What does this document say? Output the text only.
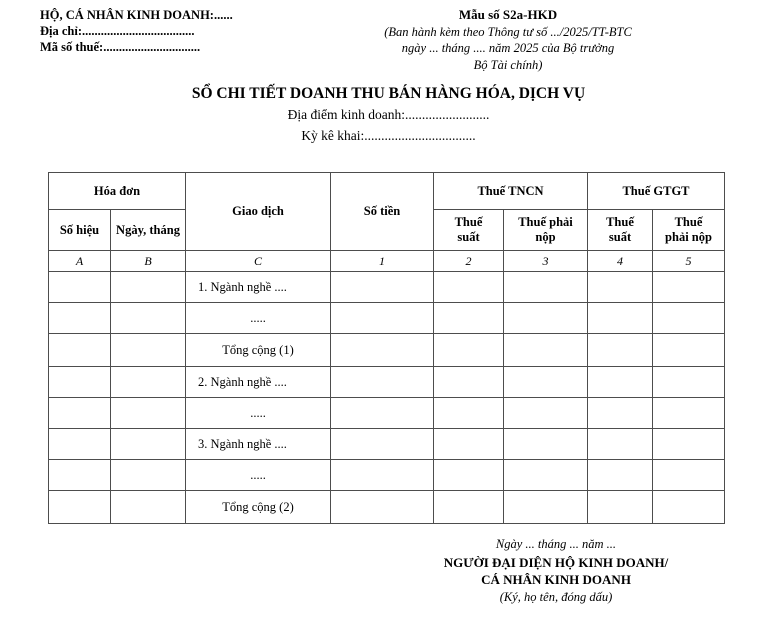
HỘ, CÁ NHÂN KINH DOANH:......
Địa chỉ:....................................
Mã số thuế:...............................
Mẫu số S2a-HKD
(Ban hành kèm theo Thông tư số .../2025/TT-BTC
ngày ... tháng .... năm 2025 của Bộ trưởng
Bộ Tài chính)
SỔ CHI TIẾT DOANH THU BÁN HÀNG HÓA, DỊCH VỤ
Địa điểm kinh doanh:.........................
Kỳ kê khai:.................................
Hóa đơn		Giao dịch	Số tiền	Thuế TNCN		Thuế GTGT	
Số hiệu	Ngày, tháng			Thuế suất	Thuế phải nộp	Thuế suất	Thuế phải nộp
A	B	C	1	2	3	4	5
		1. Ngành nghề ....					
		.....					
		Tổng cộng (1)					
		2. Ngành nghề ....					
		.....					
		3. Ngành nghề ....					
		.....					
		Tổng cộng (2)					
Ngày ... tháng ... năm ...
NGƯỜI ĐẠI DIỆN HỘ KINH DOANH/
CÁ NHÂN KINH DOANH
(Ký, họ tên, đóng dấu)
